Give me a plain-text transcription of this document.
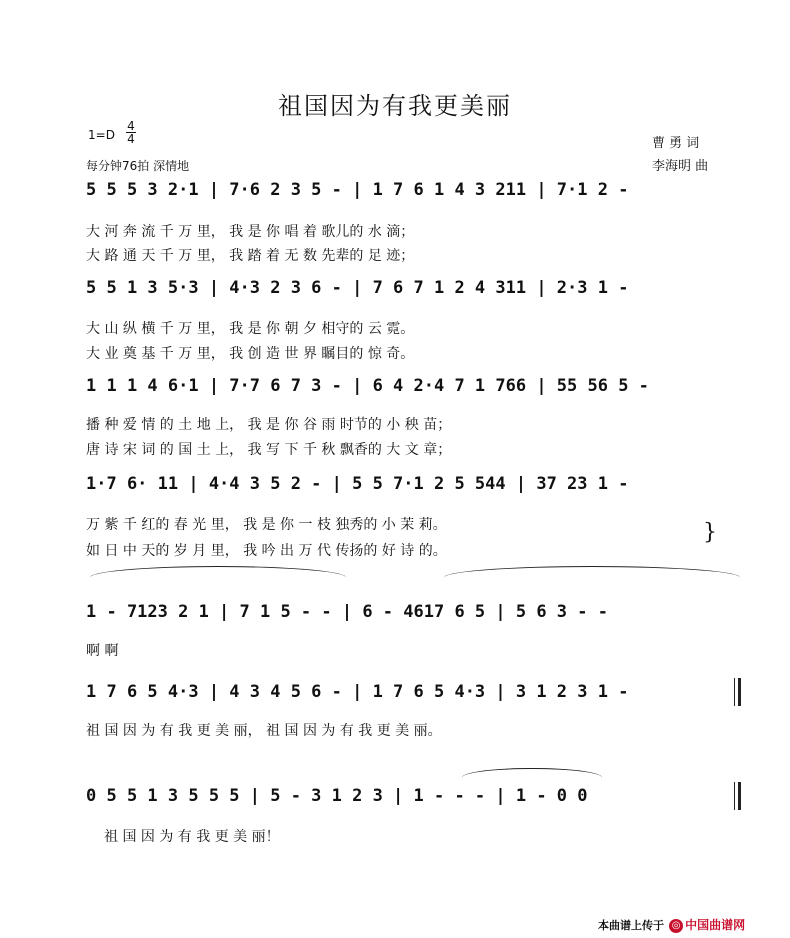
祖国因为有我更美丽
1=D
4
4
每分钟76拍 深情地
曹 勇 词
李海明 曲
5 5 5 3 2·1 | 7·6 2 3 5 - | 1 7 6 1 4 3 211 | 7·1 2 -
大 河 奔 流 千 万 里， 我 是 你 唱 着 歌儿的 水 滴；
大 路 通 天 千 万 里， 我 踏 着 无 数 先辈的 足 迹；
5 5 1 3 5·3 | 4·3 2 3 6 - | 7 6 7 1 2 4 311 | 2·3 1 -
大 山 纵 横 千 万 里， 我 是 你 朝 夕 相守的 云 霓。
大 业 奠 基 千 万 里， 我 创 造 世 界 瞩目的 惊 奇。
1 1 1 4 6·1 | 7·7 6 7 3 - | 6 4 2·4 7 1 766 | 55 56 5 -
播 种 爱 情 的 土 地 上， 我 是 你 谷 雨 时节的 小 秧 苗；
唐 诗 宋 词 的 国 土 上， 我 写 下 千 秋 飘香的 大 文 章；
1·7 6· 11 | 4·4 3 5 2 - | 5 5 7·1 2 5 544 | 37 23 1 -
万 紫 千 红的 春 光 里， 我 是 你 一 枝 独秀的 小 茉 莉。
如 日 中 天的 岁 月 里， 我 吟 出 万 代 传扬的 好 诗 的。
}
1 - 7123 2 1 | 7 1 5 - - | 6 - 4617 6 5 | 5 6 3 - -
啊 啊
1 7 6 5 4·3 | 4 3 4 5 6 - | 1 7 6 5 4·3 | 3 1 2 3 1 -
祖 国 因 为 有 我 更 美 丽， 祖 国 因 为 有 我 更 美 丽。
0 5 5 1 3 5 5 5 | 5 - 3 1 2 3 | 1 - - - | 1 - 0 0
祖 国 因 为 有 我 更 美 丽！
本曲谱上传于 ◎ 中国曲谱网
